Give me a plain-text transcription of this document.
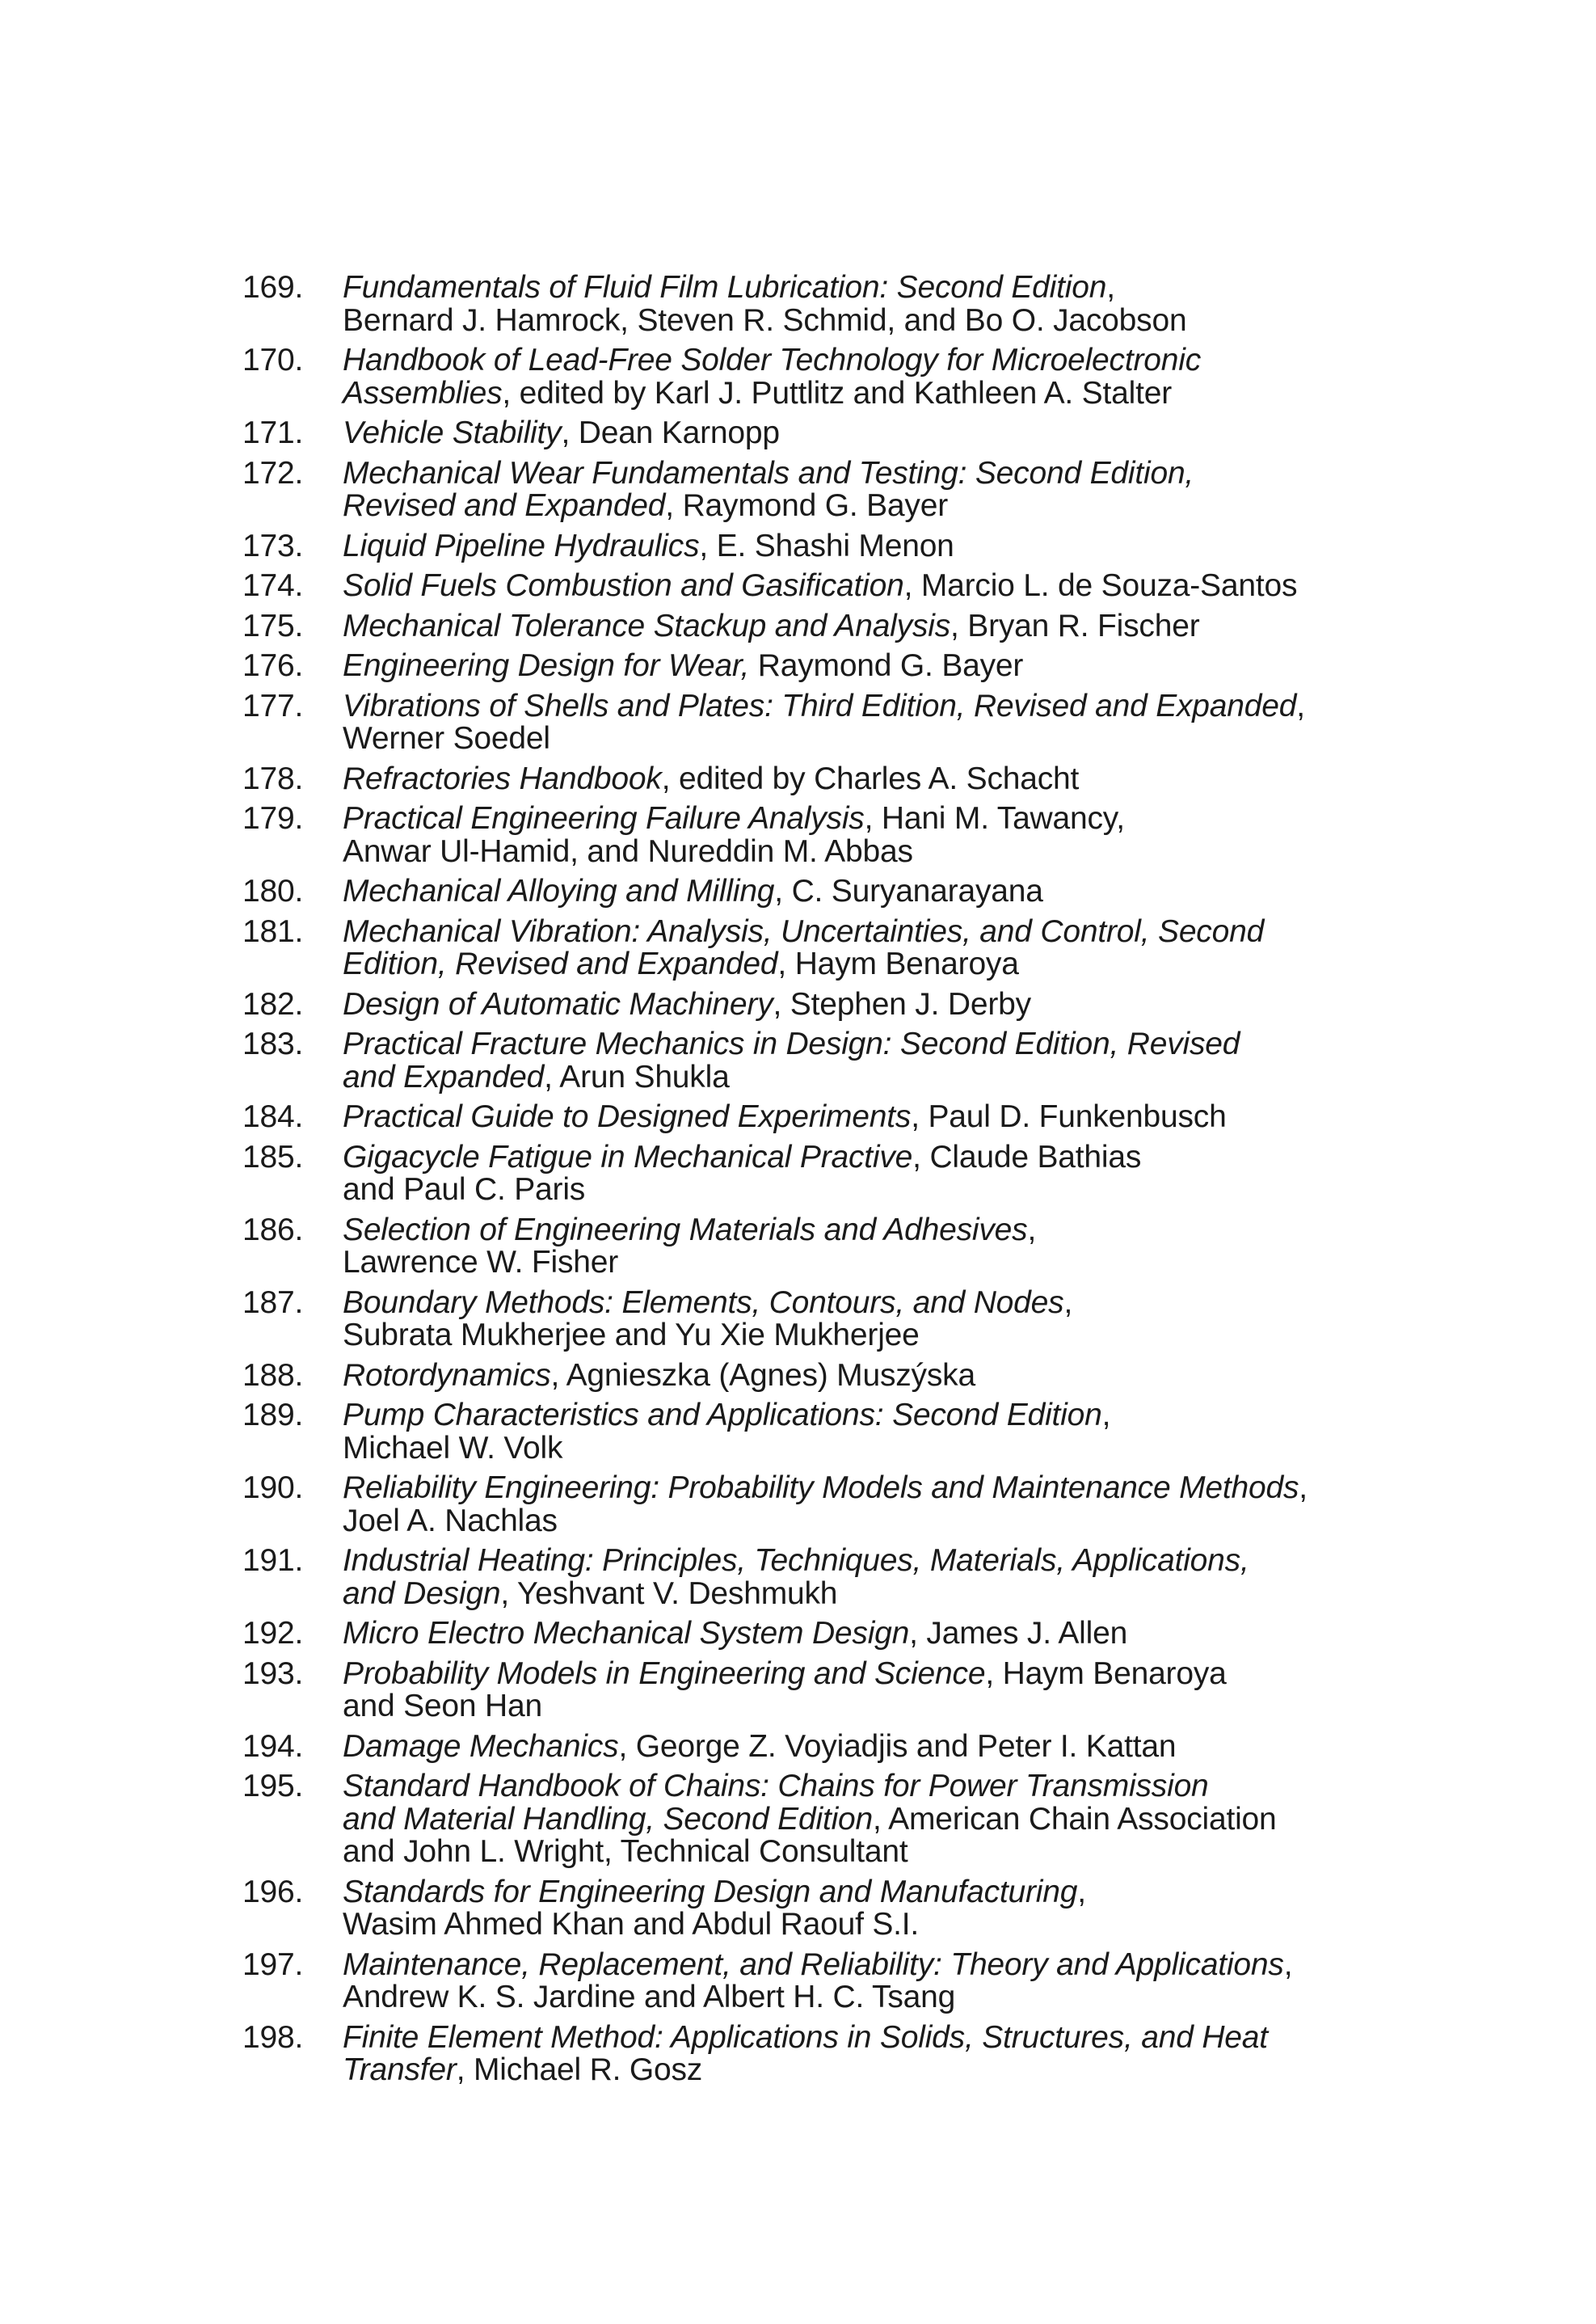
169.	Fundamentals of Fluid Film Lubrication: Second Edition,
Bernard J. Hamrock, Steven R. Schmid, and Bo O. Jacobson
170.	Handbook of Lead-Free Solder Technology for Microelectronic
Assemblies, edited by Karl J. Puttlitz and Kathleen A. Stalter
171.	Vehicle Stability, Dean Karnopp
172.	Mechanical Wear Fundamentals and Testing: Second Edition,
Revised and Expanded, Raymond G. Bayer
173.	Liquid Pipeline Hydraulics, E. Shashi Menon
174.	Solid Fuels Combustion and Gasification, Marcio L. de Souza-Santos
175.	Mechanical Tolerance Stackup and Analysis, Bryan R. Fischer
176.	Engineering Design for Wear, Raymond G. Bayer
177.	Vibrations of Shells and Plates: Third Edition, Revised and Expanded,
Werner Soedel
178.	Refractories Handbook, edited by Charles A. Schacht
179.	Practical Engineering Failure Analysis, Hani M. Tawancy,
Anwar Ul-Hamid, and Nureddin M. Abbas
180.	Mechanical Alloying and Milling, C. Suryanarayana
181.	Mechanical Vibration: Analysis, Uncertainties, and Control, Second
Edition, Revised and Expanded, Haym Benaroya
182.	Design of Automatic Machinery, Stephen J. Derby
183.	Practical Fracture Mechanics in Design: Second Edition, Revised
and Expanded, Arun Shukla
184.	Practical Guide to Designed Experiments, Paul D. Funkenbusch
185.	Gigacycle Fatigue in Mechanical Practive, Claude Bathias
and Paul C. Paris
186.	Selection of Engineering Materials and Adhesives,
Lawrence W. Fisher
187.	Boundary Methods: Elements, Contours, and Nodes,
Subrata Mukherjee and Yu Xie Mukherjee
188.	Rotordynamics, Agnieszka (Agnes) Muszýska
189.	Pump Characteristics and Applications: Second Edition,
Michael W. Volk
190.	Reliability Engineering: Probability Models and Maintenance Methods,
Joel A. Nachlas
191.	Industrial Heating: Principles, Techniques, Materials, Applications,
and Design, Yeshvant V. Deshmukh
192.	Micro Electro Mechanical System Design, James J. Allen
193.	Probability Models in Engineering and Science, Haym Benaroya
and Seon Han
194.	Damage Mechanics, George Z. Voyiadjis and Peter I. Kattan
195.	Standard Handbook of Chains: Chains for Power Transmission
and Material Handling, Second Edition, American Chain Association
and John L. Wright, Technical Consultant
196.	Standards for Engineering Design and Manufacturing,
Wasim Ahmed Khan and Abdul Raouf S.I.
197.	Maintenance, Replacement, and Reliability: Theory and Applications,
Andrew K. S. Jardine and Albert H. C. Tsang
198.	Finite Element Method: Applications in Solids, Structures, and Heat
Transfer, Michael R. Gosz
